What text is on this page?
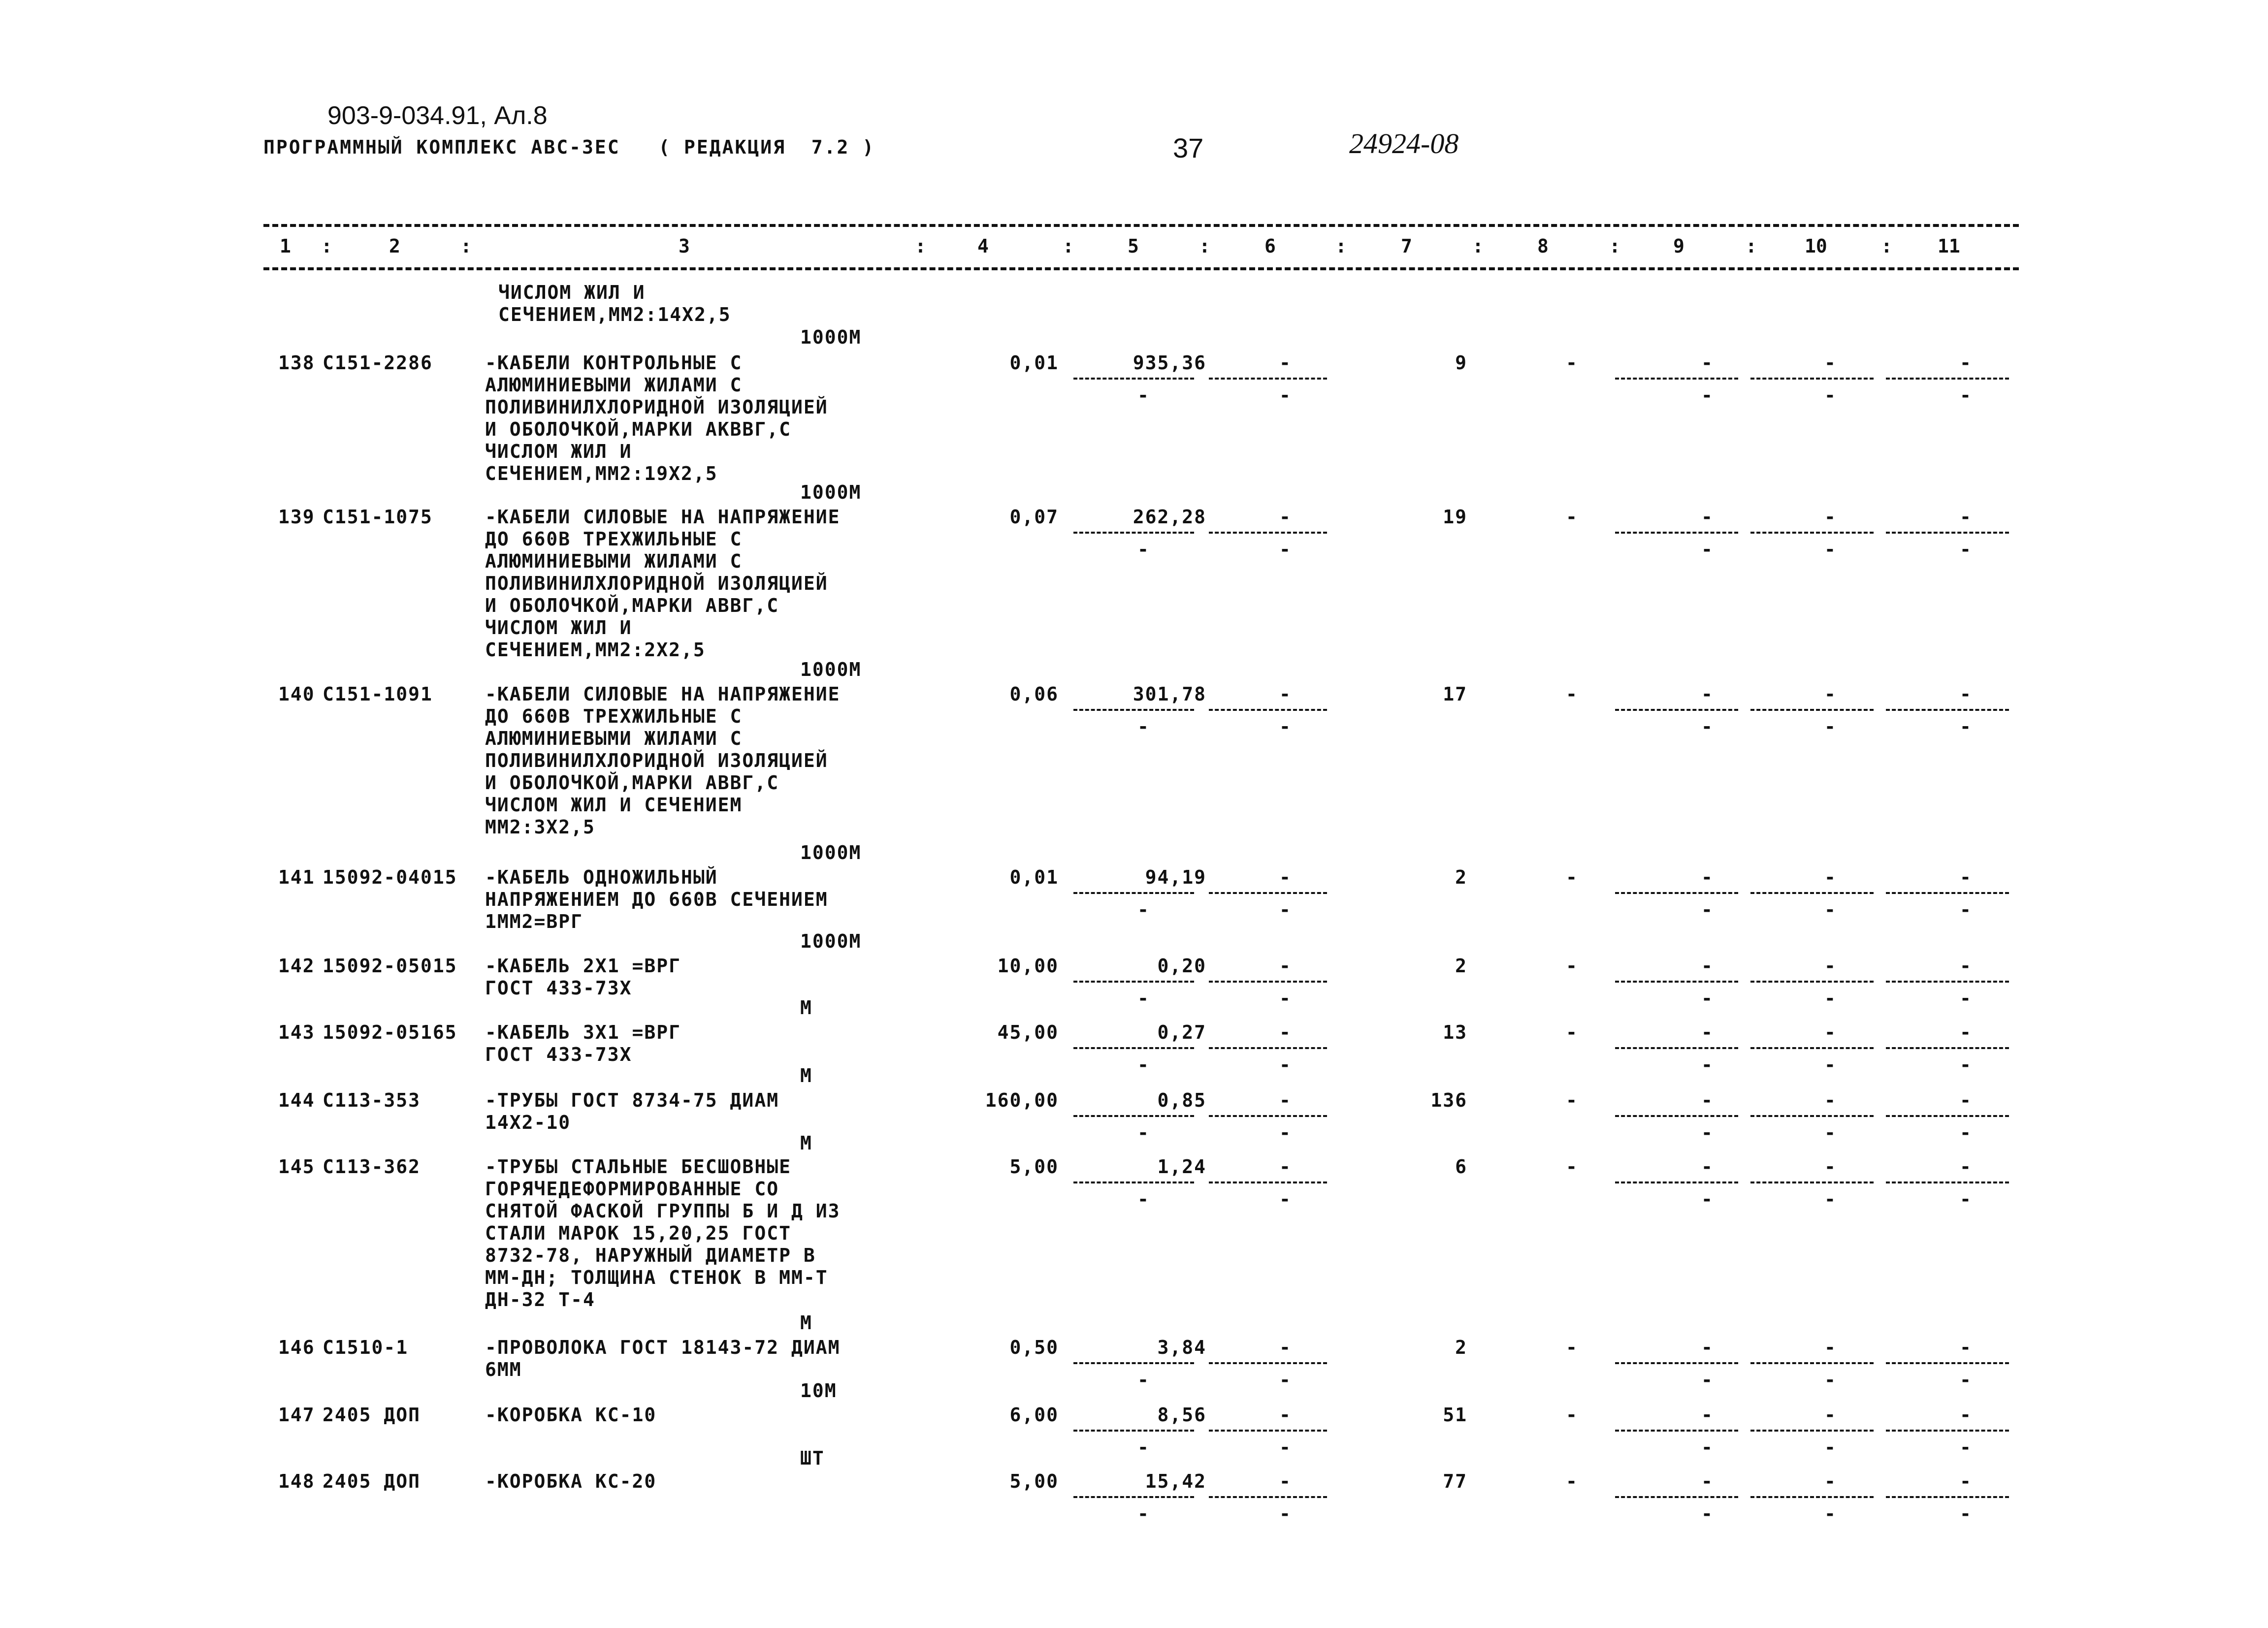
903-9-034.91, Ал.8
ПРОГРАММНЫЙ КОМПЛЕКС АВС-ЗЕС   ( РЕДАКЦИЯ  7.2 )	37	24924-08
1 :	2	:	3	:	4	:	5	:	6	:	7	:	8	:	9	:	10	: 11
ЧИСЛОМ ЖИЛ И
СЕЧЕНИЕМ,ММ2:14Х2,5
1000М
138 С151-2286	-КАБЕЛИ КОНТРОЛЬНЫЕ С
АЛЮМИНИЕВЫМИ ЖИЛАМИ С
ПОЛИВИНИЛХЛОРИДНОЙ ИЗОЛЯЦИЕЙ
И ОБОЛОЧКОЙ,МАРКИ АКВВГ,С
ЧИСЛОМ ЖИЛ И
СЕЧЕНИЕМ,ММ2:19Х2,5
0,01	935,36	-	9	-	-	-	-
-	-	-	-	-
1000М
139 С151-1075	-КАБЕЛИ СИЛОВЫЕ НА НАПРЯЖЕНИЕ
ДО 660В ТРЕХЖИЛЬНЫЕ С
АЛЮМИНИЕВЫМИ ЖИЛАМИ С
ПОЛИВИНИЛХЛОРИДНОЙ ИЗОЛЯЦИЕЙ
И ОБОЛОЧКОЙ,МАРКИ АВВГ,С
ЧИСЛОМ ЖИЛ И
СЕЧЕНИЕМ,ММ2:2Х2,5
0,07	262,28	-	19	-	-	-	-
-	-	-	-	-
1000М
140 С151-1091	-КАБЕЛИ СИЛОВЫЕ НА НАПРЯЖЕНИЕ
ДО 660В ТРЕХЖИЛЬНЫЕ С
АЛЮМИНИЕВЫМИ ЖИЛАМИ С
ПОЛИВИНИЛХЛОРИДНОЙ ИЗОЛЯЦИЕЙ
И ОБОЛОЧКОЙ,МАРКИ АВВГ,С
ЧИСЛОМ ЖИЛ И СЕЧЕНИЕМ
ММ2:3Х2,5
0,06	301,78	-	17	-	-	-	-
-	-	-	-	-
1000М
141 15092-04015 -КАБЕЛЬ ОДНОЖИЛЬНЫЙ
НАПРЯЖЕНИЕМ ДО 660В СЕЧЕНИЕМ
1ММ2=ВРГ
0,01	94,19	-	2	-	-	-	-
-	-	-	-	-
1000М
142 15092-05015 -КАБЕЛЬ 2Х1 =ВРГ
ГОСТ 433-73Х
10,00	0,20	-	2	-	-	-	-
-	-	-	-	-
М
143 15092-05165 -КАБЕЛЬ 3Х1 =ВРГ
ГОСТ 433-73Х
45,00	0,27	-	13	-	-	-	-
-	-	-	-	-
М
144 С113-353	-ТРУБЫ ГОСТ 8734-75 ДИАМ
14Х2-10
160,00	0,85	-	136	-	-	-	-
-	-	-	-	-
М
145 С113-362	-ТРУБЫ СТАЛЬНЫЕ БЕСШОВНЫЕ
ГОРЯЧЕДЕФОРМИРОВАННЫЕ СО
СНЯТОЙ ФАСКОЙ ГРУППЫ Б И Д ИЗ
СТАЛИ МАРОК 15,20,25 ГОСТ
8732-78, НАРУЖНЫЙ ДИАМЕТР В
ММ-ДН; ТОЛЩИНА СТЕНОК В ММ-Т
ДН-32 Т-4
5,00	1,24	-	6	-	-	-	-
-	-	-	-	-
М
146 С1510-1	-ПРОВОЛОКА ГОСТ 18143-72 ДИАМ
6ММ
0,50	3,84	-	2	-	-	-	-
-	-	-	-	-
10М
147 2405 ДОП	-КОРОБКА КС-10	6,00	8,56	-	51	-	-	-	-
-	-	-	-	-
ШТ
148 2405 ДОП	-КОРОБКА КС-20	5,00	15,42	-	77	-	-	-	-
-	-	-	-	-
